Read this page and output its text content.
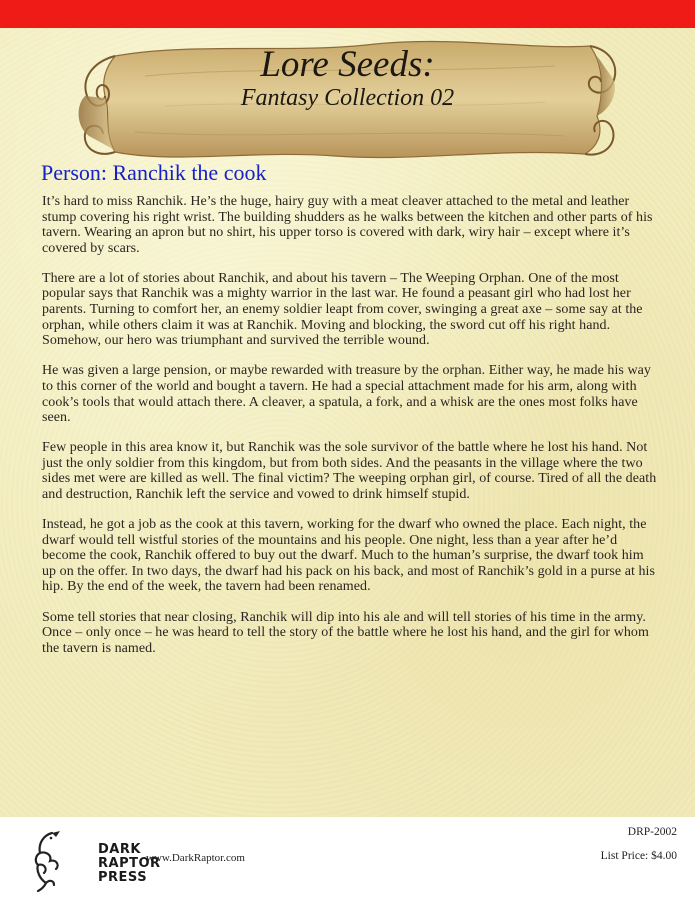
Lore Seeds:
Fantasy Collection 02
Person: Ranchik the cook

It’s hard to miss Ranchik. He’s the huge, hairy guy with a meat cleaver attached to the metal and leather stump covering his right wrist. The building shudders as he walks between the kitchen and other parts of his tavern. Wearing an apron but no shirt, his upper torso is covered with dark, wiry hair – except where it’s covered by scars.

There are a lot of stories about Ranchik, and about his tavern – The Weeping Orphan. One of the most popular says that Ranchik was a mighty warrior in the last war. He found a peasant girl who had lost her parents. Turning to comfort her, an enemy soldier leapt from cover, swinging a great axe – some say at the orphan, while others claim it was at Ranchik. Moving and blocking, the sword cut off his right hand. Somehow, our hero was triumphant and survived the terrible wound.

He was given a large pension, or maybe rewarded with treasure by the orphan. Either way, he made his way to this corner of the world and bought a tavern. He had a special attachment made for his arm, along with cook’s tools that would attach there. A cleaver, a spatula, a fork, and a whisk are the ones most folks have seen.

Few people in this area know it, but Ranchik was the sole survivor of the battle where he lost his hand. Not just the only soldier from this kingdom, but from both sides. And the peasants in the village where the two sides met were are killed as well. The final victim? The weeping orphan girl, of course. Tired of all the death and destruction, Ranchik left the service and vowed to drink himself stupid.

Instead, he got a job as the cook at this tavern, working for the dwarf who owned the place. Each night, the dwarf would tell wistful stories of the mountains and his people. One night, less than a year after he’d become the cook, Ranchik offered to buy out the dwarf. Much to the human’s surprise, the dwarf took him up on the offer. In two days, the dwarf had his pack on his back, and most of Ranchik’s gold in a purse at his hip. By the end of the week, the tavern had been renamed.

Some tell stories that near closing, Ranchik will dip into his ale and will tell stories of his time in the army. Once – only once – he was heard to tell the story of the battle where he lost his hand, and the girl for whom the tavern is named.

DARK
RAPTOR
PRESS
www.DarkRaptor.com
DRP-2002
List Price: $4.00
